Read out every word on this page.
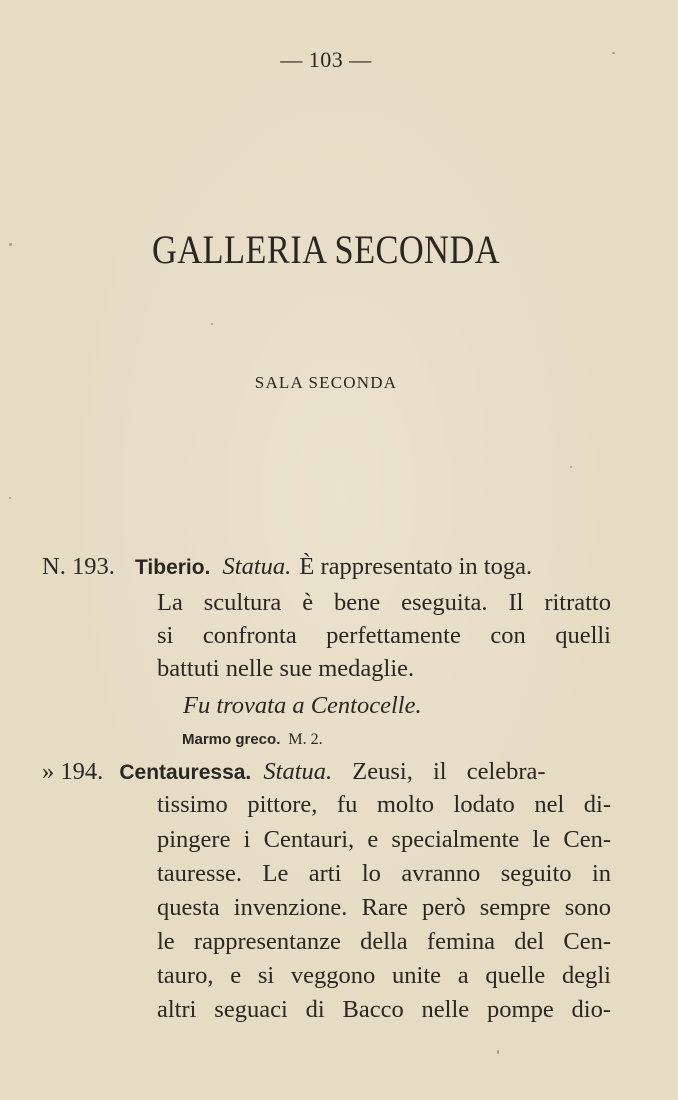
— 103 —
GALLERIA SECONDA
SALA SECONDA
N. 193. Tiberio. Statua. È rappresentato in toga.
La scultura è bene eseguita. Il ritratto
si confronta perfettamente con quelli
battuti nelle sue medaglie.
Fu trovata a Centocelle.
Marmo greco. M. 2.
» 194. Centauressa. Statua. Zeusi, il celebra-
tissimo pittore, fu molto lodato nel di-
pingere i Centauri, e specialmente le Cen-
tauresse. Le arti lo avranno seguito in
questa invenzione. Rare però sempre sono
le rappresentanze della femina del Cen-
tauro, e si veggono unite a quelle degli
altri seguaci di Bacco nelle pompe dio-
